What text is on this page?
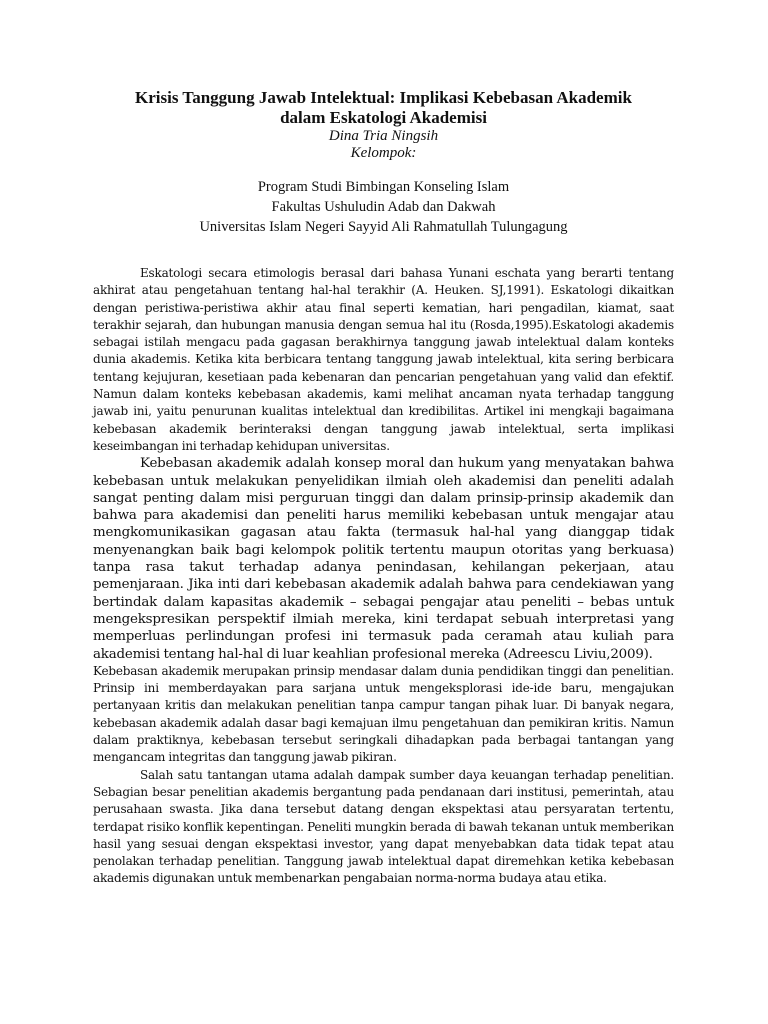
Krisis Tanggung Jawab Intelektual: Implikasi Kebebasan Akademik dalam Eskatologi Akademisi

Dina Tria Ningsih

Kelompok:

Program Studi Bimbingan Konseling Islam

Fakultas Ushuludin Adab dan Dakwah

Universitas Islam Negeri Sayyid Ali Rahmatullah Tulungagung

Eskatologi secara etimologis berasal dari bahasa Yunani eschata yang berarti tentang akhirat atau pengetahuan tentang hal-hal terakhir (A. Heuken. SJ,1991). Eskatologi dikaitkan dengan peristiwa-peristiwa akhir atau final seperti kematian, hari pengadilan, kiamat, saat terakhir sejarah, dan hubungan manusia dengan semua hal itu (Rosda,1995).Eskatologi akademis sebagai istilah mengacu pada gagasan berakhirnya tanggung jawab intelektual dalam konteks dunia akademis. Ketika kita berbicara tentang tanggung jawab intelektual, kita sering berbicara tentang kejujuran, kesetiaan pada kebenaran dan pencarian pengetahuan yang valid dan efektif. Namun dalam konteks kebebasan akademis, kami melihat ancaman nyata terhadap tanggung jawab ini, yaitu penurunan kualitas intelektual dan kredibilitas. Artikel ini mengkaji bagaimana kebebasan akademik berinteraksi dengan tanggung jawab intelektual, serta implikasi keseimbangan ini terhadap kehidupan universitas.

Kebebasan akademik adalah konsep moral dan hukum yang menyatakan bahwa kebebasan untuk melakukan penyelidikan ilmiah oleh akademisi dan peneliti adalah sangat penting dalam misi perguruan tinggi dan dalam prinsip-prinsip akademik dan bahwa para akademisi dan peneliti harus memiliki kebebasan untuk mengajar atau mengkomunikasikan gagasan atau fakta (termasuk hal-hal yang dianggap tidak menyenangkan baik bagi kelompok politik tertentu maupun otoritas yang berkuasa) tanpa rasa takut terhadap adanya penindasan, kehilangan pekerjaan, atau pemenjaraan. Jika inti dari kebebasan akademik adalah bahwa para cendekiawan yang bertindak dalam kapasitas akademik – sebagai pengajar atau peneliti – bebas untuk mengekspresikan perspektif ilmiah mereka, kini terdapat sebuah interpretasi yang memperluas perlindungan profesi ini termasuk pada ceramah atau kuliah para akademisi tentang hal-hal di luar keahlian profesional mereka (Adreescu Liviu,2009).

Kebebasan akademik merupakan prinsip mendasar dalam dunia pendidikan tinggi dan penelitian. Prinsip ini memberdayakan para sarjana untuk mengeksplorasi ide-ide baru, mengajukan pertanyaan kritis dan melakukan penelitian tanpa campur tangan pihak luar. Di banyak negara, kebebasan akademik adalah dasar bagi kemajuan ilmu pengetahuan dan pemikiran kritis. Namun dalam praktiknya, kebebasan tersebut seringkali dihadapkan pada berbagai tantangan yang mengancam integritas dan tanggung jawab pikiran.

Salah satu tantangan utama adalah dampak sumber daya keuangan terhadap penelitian. Sebagian besar penelitian akademis bergantung pada pendanaan dari institusi, pemerintah, atau perusahaan swasta. Jika dana tersebut datang dengan ekspektasi atau persyaratan tertentu, terdapat risiko konflik kepentingan. Peneliti mungkin berada di bawah tekanan untuk memberikan hasil yang sesuai dengan ekspektasi investor, yang dapat menyebabkan data tidak tepat atau penolakan terhadap penelitian. Tanggung jawab intelektual dapat diremehkan ketika kebebasan akademis digunakan untuk membenarkan pengabaian norma-norma budaya atau etika.
